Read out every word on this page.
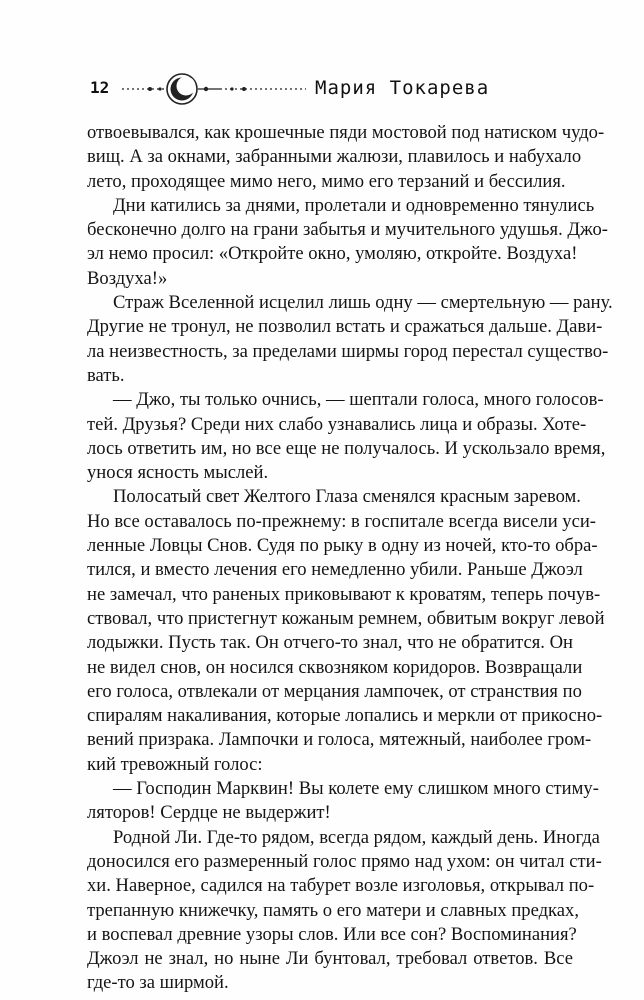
12	Мария Токарева

отвоевывался, как крошечные пяди мостовой под натиском чудо-
вищ. А за окнами, забранными жалюзи, плавилось и набухало
лето, проходящее мимо него, мимо его терзаний и бессилия.

Дни катились за днями, пролетали и одновременно тянулись
бесконечно долго на грани забытья и мучительного удушья. Джо-
эл немо просил: «Откройте окно, умоляю, откройте. Воздуха!
Воздуха!»

Страж Вселенной исцелил лишь одну — смертельную — рану.
Другие не тронул, не позволил встать и сражаться дальше. Дави-
ла неизвестность, за пределами ширмы город перестал существо-
вать.

— Джо, ты только очнись, — шептали голоса, много голосов-
тей. Друзья? Среди них слабо узнавались лица и образы. Хоте-
лось ответить им, но все еще не получалось. И ускользало время,
унося ясность мыслей.

Полосатый свет Желтого Глаза сменялся красным заревом.
Но все оставалось по-прежнему: в госпитале всегда висели уси-
ленные Ловцы Снов. Судя по рыку в одну из ночей, кто-то обра-
тился, и вместо лечения его немедленно убили. Раньше Джоэл
не замечал, что раненых приковывают к кроватям, теперь почув-
ствовал, что пристегнут кожаным ремнем, обвитым вокруг левой
лодыжки. Пусть так. Он отчего-то знал, что не обратится. Он
не видел снов, он носился сквозняком коридоров. Возвращали
его голоса, отвлекали от мерцания лампочек, от странствия по
спиралям накаливания, которые лопались и меркли от прикосно-
вений призрака. Лампочки и голоса, мятежный, наиболее гром-
кий тревожный голос:

— Господин Марквин! Вы колете ему слишком много стиму-
ляторов! Сердце не выдержит!

Родной Ли. Где-то рядом, всегда рядом, каждый день. Иногда
доносился его размеренный голос прямо над ухом: он читал сти-
хи. Наверное, садился на табурет возле изголовья, открывал по-
трепанную книжечку, память о его матери и славных предках,
и воспевал древние узоры слов. Или все сон? Воспоминания?
Джоэл не знал, но ныне Ли бунтовал, требовал ответов. Все
где-то за ширмой.
